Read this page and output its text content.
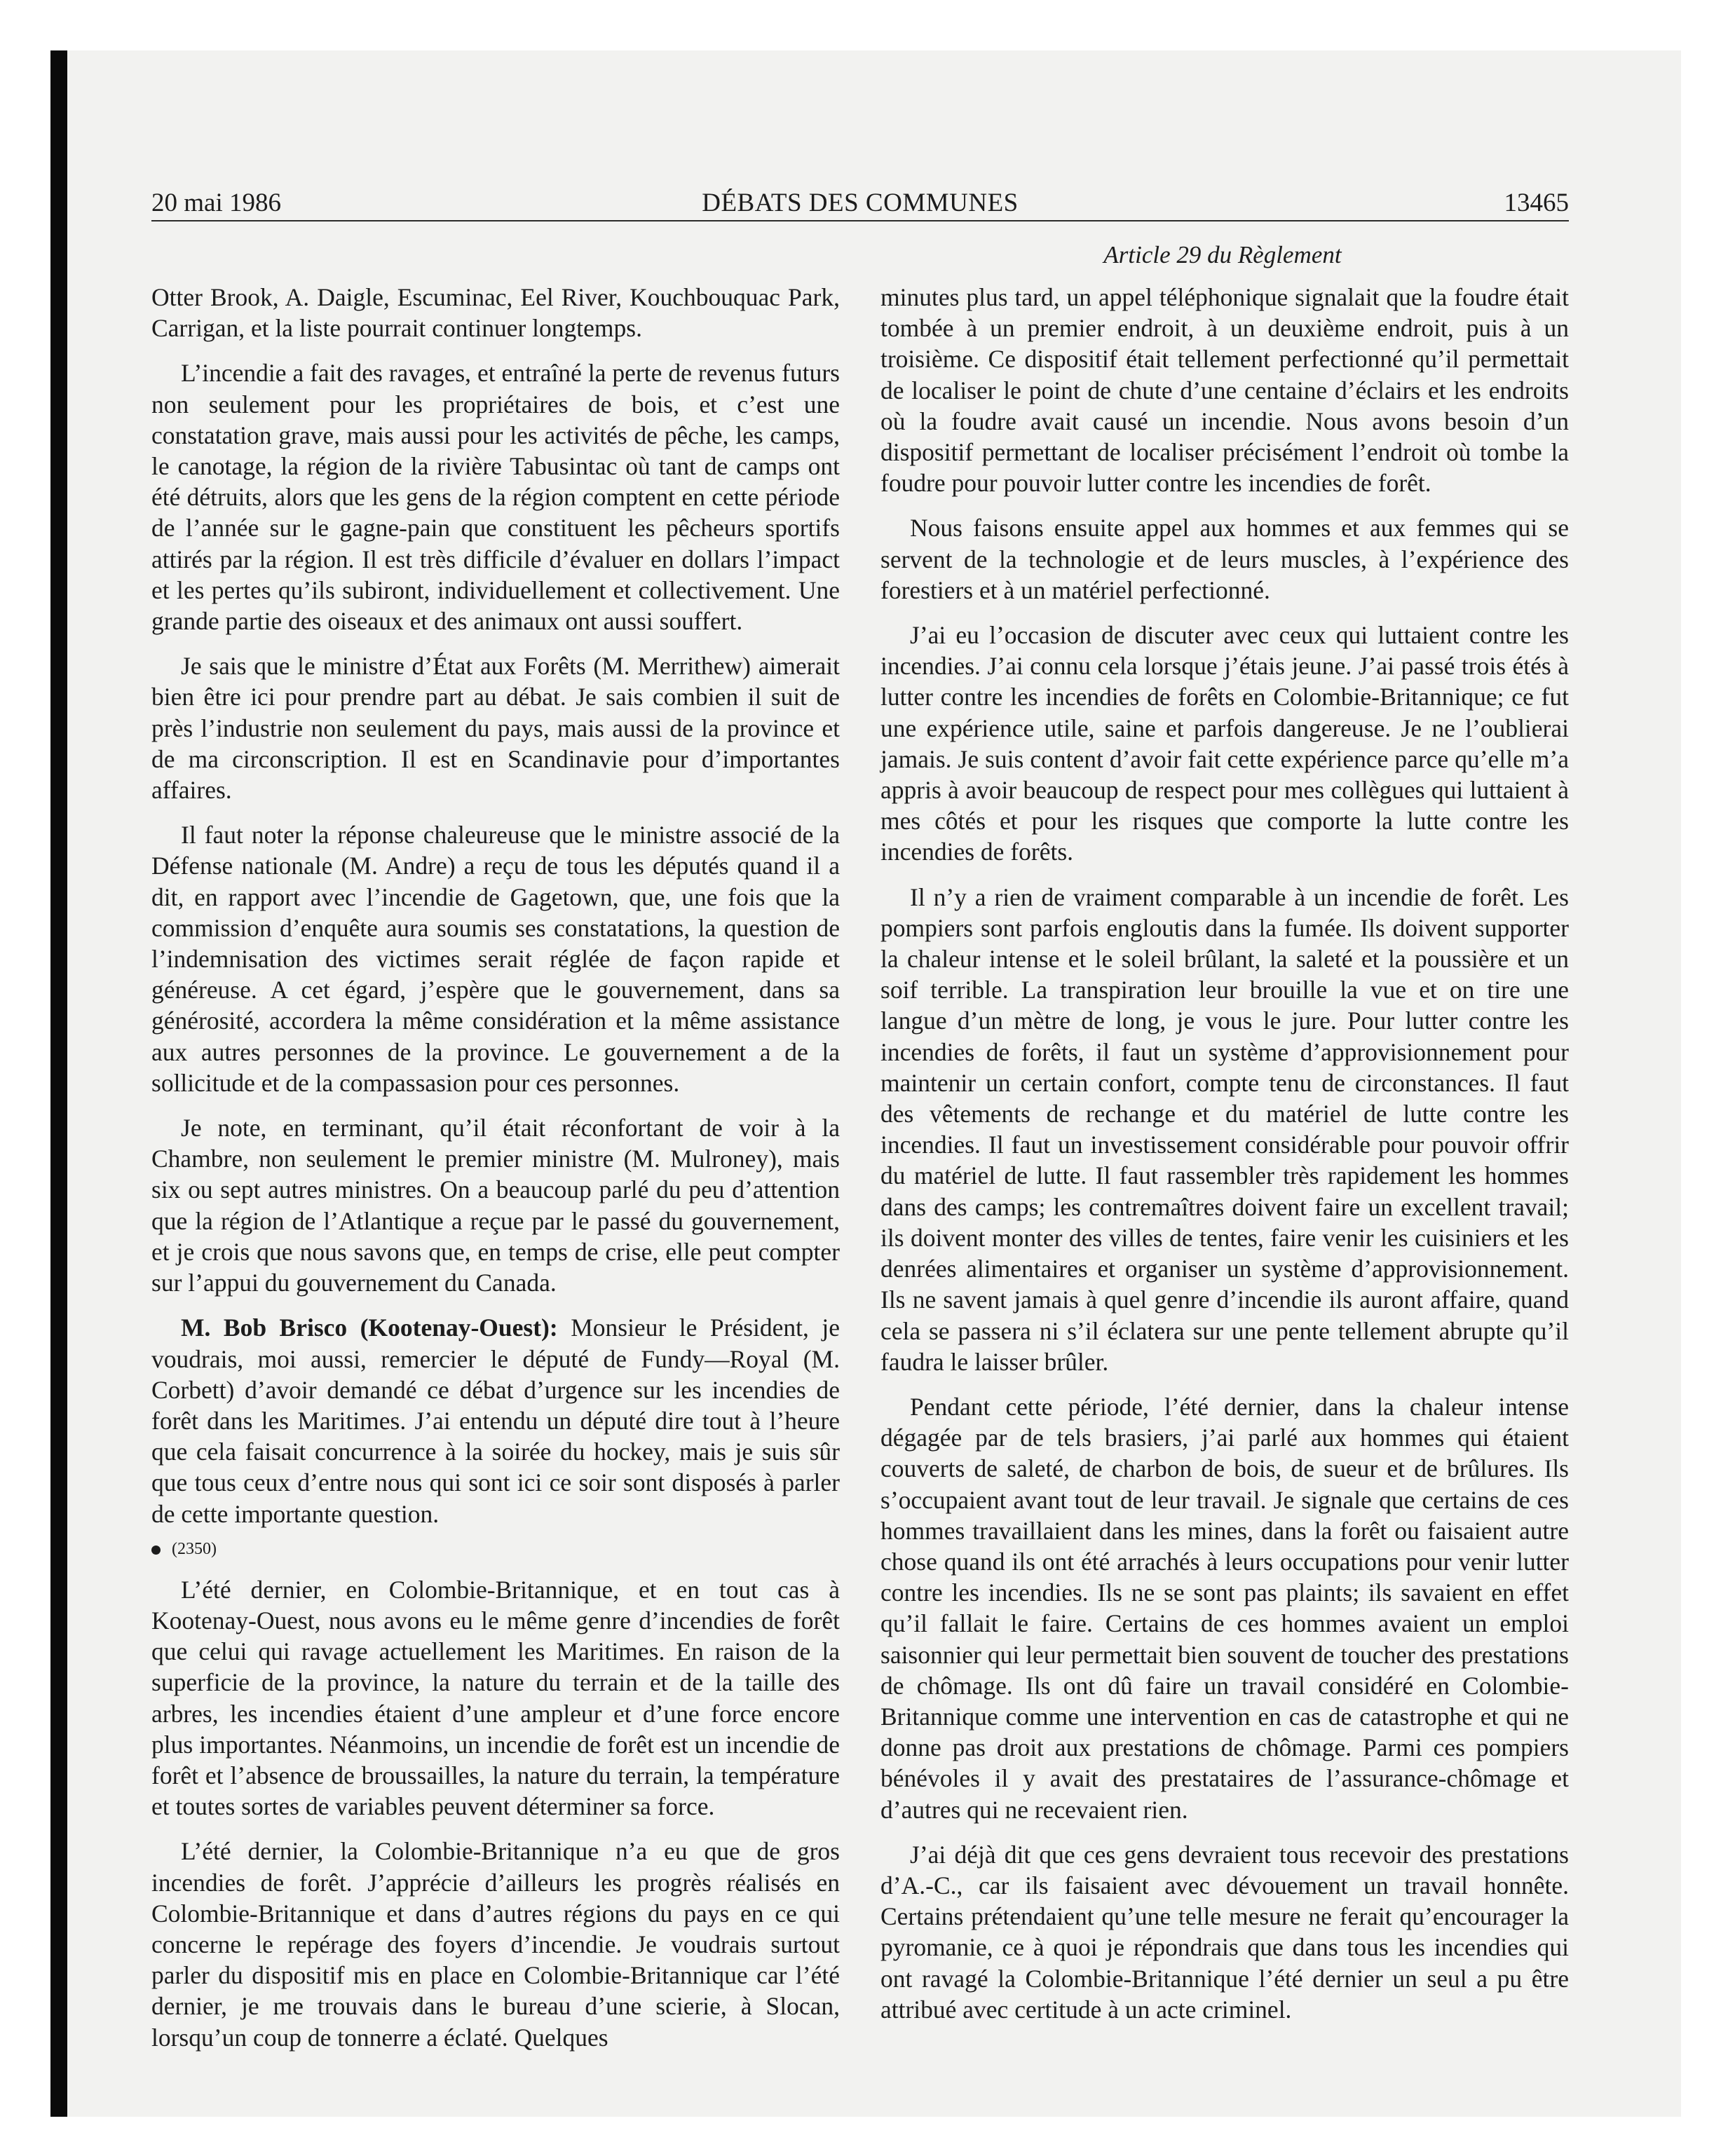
20 mai 1986	DÉBATS DES COMMUNES	13465
Article 29 du Règlement

Otter Brook, A. Daigle, Escuminac, Eel River, Kouchbouquac Park, Carrigan, et la liste pourrait continuer longtemps.

L’incendie a fait des ravages, et entraîné la perte de revenus futurs non seulement pour les propriétaires de bois, et c’est une constatation grave, mais aussi pour les activités de pêche, les camps, le canotage, la région de la rivière Tabusintac où tant de camps ont été détruits, alors que les gens de la région comptent en cette période de l’année sur le gagne-pain que constituent les pêcheurs sportifs attirés par la région. Il est très difficile d’évaluer en dollars l’impact et les pertes qu’ils subiront, individuellement et collectivement. Une grande partie des oiseaux et des animaux ont aussi souffert.

Je sais que le ministre d’État aux Forêts (M. Merrithew) aimerait bien être ici pour prendre part au débat. Je sais combien il suit de près l’industrie non seulement du pays, mais aussi de la province et de ma circonscription. Il est en Scandinavie pour d’importantes affaires.

Il faut noter la réponse chaleureuse que le ministre associé de la Défense nationale (M. Andre) a reçu de tous les députés quand il a dit, en rapport avec l’incendie de Gagetown, que, une fois que la commission d’enquête aura soumis ses constatations, la question de l’indemnisation des victimes serait réglée de façon rapide et généreuse. A cet égard, j’espère que le gouvernement, dans sa générosité, accordera la même considération et la même assistance aux autres personnes de la province. Le gouvernement a de la sollicitude et de la compassasion pour ces personnes.

Je note, en terminant, qu’il était réconfortant de voir à la Chambre, non seulement le premier ministre (M. Mulroney), mais six ou sept autres ministres. On a beaucoup parlé du peu d’attention que la région de l’Atlantique a reçue par le passé du gouvernement, et je crois que nous savons que, en temps de crise, elle peut compter sur l’appui du gouvernement du Canada.

M. Bob Brisco (Kootenay-Ouest): Monsieur le Président, je voudrais, moi aussi, remercier le député de Fundy—Royal (M. Corbett) d’avoir demandé ce débat d’urgence sur les incendies de forêt dans les Maritimes. J’ai entendu un député dire tout à l’heure que cela faisait concurrence à la soirée du hockey, mais je suis sûr que tous ceux d’entre nous qui sont ici ce soir sont disposés à parler de cette importante question.

(2350)

L’été dernier, en Colombie-Britannique, et en tout cas à Kootenay-Ouest, nous avons eu le même genre d’incendies de forêt que celui qui ravage actuellement les Maritimes. En raison de la superficie de la province, la nature du terrain et de la taille des arbres, les incendies étaient d’une ampleur et d’une force encore plus importantes. Néanmoins, un incendie de forêt est un incendie de forêt et l’absence de broussailles, la nature du terrain, la température et toutes sortes de variables peuvent déterminer sa force.

L’été dernier, la Colombie-Britannique n’a eu que de gros incendies de forêt. J’apprécie d’ailleurs les progrès réalisés en Colombie-Britannique et dans d’autres régions du pays en ce qui concerne le repérage des foyers d’incendie. Je voudrais surtout parler du dispositif mis en place en Colombie-Britannique car l’été dernier, je me trouvais dans le bureau d’une scierie, à Slocan, lorsqu’un coup de tonnerre a éclaté. Quelques

minutes plus tard, un appel téléphonique signalait que la foudre était tombée à un premier endroit, à un deuxième endroit, puis à un troisième. Ce dispositif était tellement perfectionné qu’il permettait de localiser le point de chute d’une centaine d’éclairs et les endroits où la foudre avait causé un incendie. Nous avons besoin d’un dispositif permettant de localiser précisément l’endroit où tombe la foudre pour pouvoir lutter contre les incendies de forêt.

Nous faisons ensuite appel aux hommes et aux femmes qui se servent de la technologie et de leurs muscles, à l’expérience des forestiers et à un matériel perfectionné.

J’ai eu l’occasion de discuter avec ceux qui luttaient contre les incendies. J’ai connu cela lorsque j’étais jeune. J’ai passé trois étés à lutter contre les incendies de forêts en Colombie-Britannique; ce fut une expérience utile, saine et parfois dangereuse. Je ne l’oublierai jamais. Je suis content d’avoir fait cette expérience parce qu’elle m’a appris à avoir beaucoup de respect pour mes collègues qui luttaient à mes côtés et pour les risques que comporte la lutte contre les incendies de forêts.

Il n’y a rien de vraiment comparable à un incendie de forêt. Les pompiers sont parfois engloutis dans la fumée. Ils doivent supporter la chaleur intense et le soleil brûlant, la saleté et la poussière et un soif terrible. La transpiration leur brouille la vue et on tire une langue d’un mètre de long, je vous le jure. Pour lutter contre les incendies de forêts, il faut un système d’approvisionnement pour maintenir un certain confort, compte tenu de circonstances. Il faut des vêtements de rechange et du matériel de lutte contre les incendies. Il faut un investissement considérable pour pouvoir offrir du matériel de lutte. Il faut rassembler très rapidement les hommes dans des camps; les contremaîtres doivent faire un excellent travail; ils doivent monter des villes de tentes, faire venir les cuisiniers et les denrées alimentaires et organiser un système d’approvisionnement. Ils ne savent jamais à quel genre d’incendie ils auront affaire, quand cela se passera ni s’il éclatera sur une pente tellement abrupte qu’il faudra le laisser brûler.

Pendant cette période, l’été dernier, dans la chaleur intense dégagée par de tels brasiers, j’ai parlé aux hommes qui étaient couverts de saleté, de charbon de bois, de sueur et de brûlures. Ils s’occupaient avant tout de leur travail. Je signale que certains de ces hommes travaillaient dans les mines, dans la forêt ou faisaient autre chose quand ils ont été arrachés à leurs occupations pour venir lutter contre les incendies. Ils ne se sont pas plaints; ils savaient en effet qu’il fallait le faire. Certains de ces hommes avaient un emploi saisonnier qui leur permettait bien souvent de toucher des prestations de chômage. Ils ont dû faire un travail considéré en Colombie-Britannique comme une intervention en cas de catastrophe et qui ne donne pas droit aux prestations de chômage. Parmi ces pompiers bénévoles il y avait des prestataires de l’assurance-chômage et d’autres qui ne recevaient rien.

J’ai déjà dit que ces gens devraient tous recevoir des prestations d’A.-C., car ils faisaient avec dévouement un travail honnête. Certains prétendaient qu’une telle mesure ne ferait qu’encourager la pyromanie, ce à quoi je répondrais que dans tous les incendies qui ont ravagé la Colombie-Britannique l’été dernier un seul a pu être attribué avec certitude à un acte criminel.
